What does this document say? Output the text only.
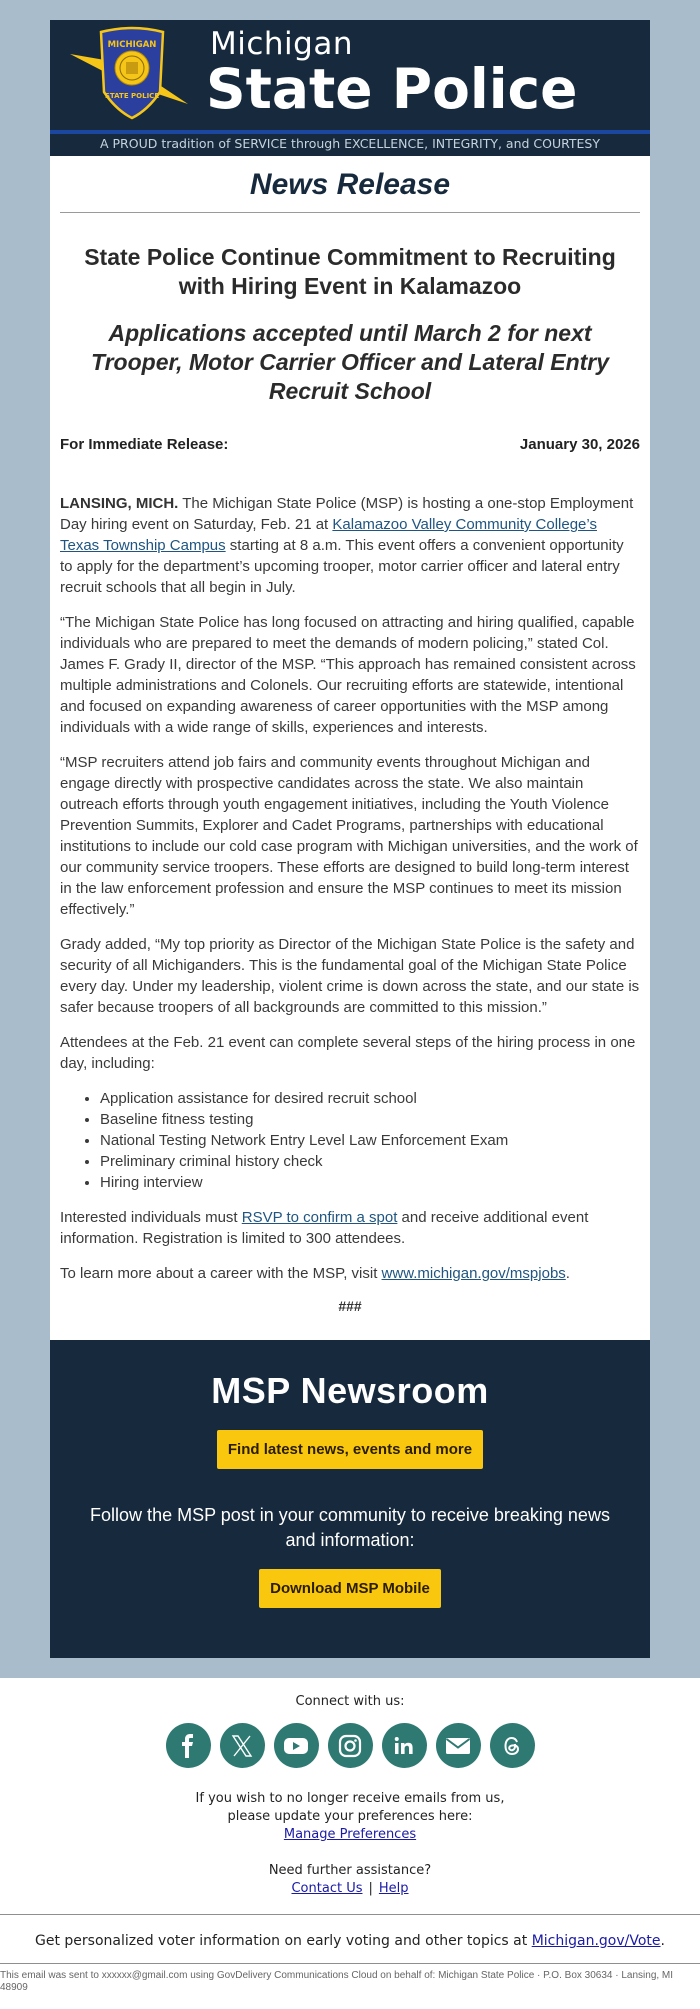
MICHIGAN
STATE POLICE
Michigan
State Police
A PROUD tradition of SERVICE through EXCELLENCE, INTEGRITY, and COURTESY
News Release
State Police Continue Commitment to Recruiting with Hiring Event in Kalamazoo
Applications accepted until March 2 for next Trooper, Motor Carrier Officer and Lateral Entry Recruit School
For Immediate Release:	January 30, 2026

LANSING, MICH. The Michigan State Police (MSP) is hosting a one-stop Employment Day hiring event on Saturday, Feb. 21 at Kalamazoo Valley Community College’s Texas Township Campus starting at 8 a.m. This event offers a convenient opportunity to apply for the department’s upcoming trooper, motor carrier officer and lateral entry recruit schools that all begin in July.

“The Michigan State Police has long focused on attracting and hiring qualified, capable individuals who are prepared to meet the demands of modern policing,” stated Col. James F. Grady II, director of the MSP. “This approach has remained consistent across multiple administrations and Colonels. Our recruiting efforts are statewide, intentional and focused on expanding awareness of career opportunities with the MSP among individuals with a wide range of skills, experiences and interests.

“MSP recruiters attend job fairs and community events throughout Michigan and engage directly with prospective candidates across the state. We also maintain outreach efforts through youth engagement initiatives, including the Youth Violence Prevention Summits, Explorer and Cadet Programs, partnerships with educational institutions to include our cold case program with Michigan universities, and the work of our community service troopers. These efforts are designed to build long-term interest in the law enforcement profession and ensure the MSP continues to meet its mission effectively.”

Grady added, “My top priority as Director of the Michigan State Police is the safety and security of all Michiganders. This is the fundamental goal of the Michigan State Police every day. Under my leadership, violent crime is down across the state, and our state is safer because troopers of all backgrounds are committed to this mission.”

Attendees at the Feb. 21 event can complete several steps of the hiring process in one day, including:

• Application assistance for desired recruit school
• Baseline fitness testing
• National Testing Network Entry Level Law Enforcement Exam
• Preliminary criminal history check
• Hiring interview

Interested individuals must RSVP to confirm a spot and receive additional event information. Registration is limited to 300 attendees.

To learn more about a career with the MSP, visit www.michigan.gov/mspjobs.

###
MSP Newsroom
Find latest news, events and more
Follow the MSP post in your community to receive breaking news and information:
Download MSP Mobile
Connect with us:
If you wish to no longer receive emails from us,
please update your preferences here:
Manage Preferences
Need further assistance?
Contact Us | Help
Get personalized voter information on early voting and other topics at Michigan.gov/Vote.
This email was sent to xxxxxx@gmail.com using GovDelivery Communications Cloud on behalf of: Michigan State Police · P.O. Box 30634 · Lansing, MI 48909
